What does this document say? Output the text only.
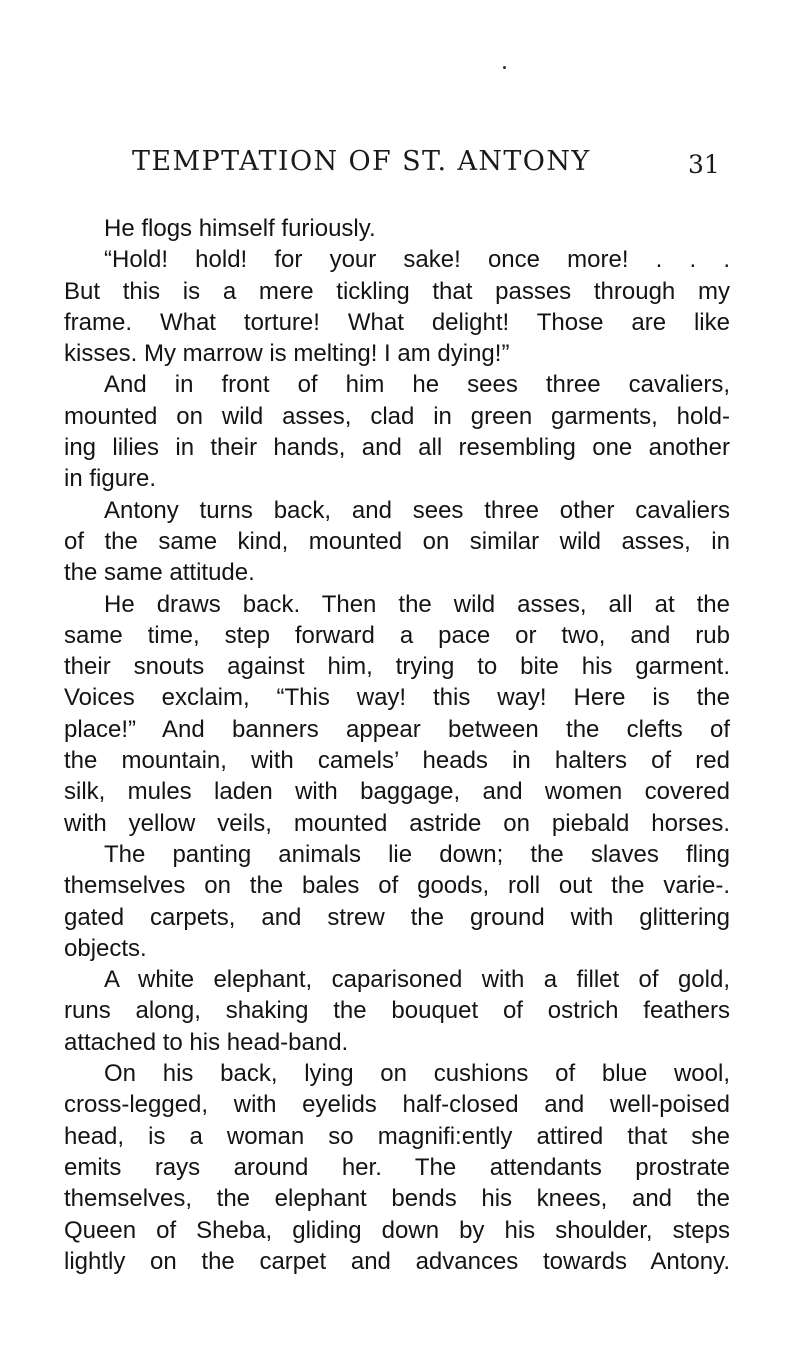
TEMPTATION OF ST. ANTONY	31

He flogs himself furiously.

“Hold! hold! for your sake! once more! . . .
But this is a mere tickling that passes through my
frame. What torture! What delight! Those are like
kisses. My marrow is melting! I am dying!”

And in front of him he sees three cavaliers,
mounted on wild asses, clad in green garments, hold-
ing lilies in their hands, and all resembling one another
in figure.

Antony turns back, and sees three other cavaliers
of the same kind, mounted on similar wild asses, in
the same attitude.

He draws back. Then the wild asses, all at the
same time, step forward a pace or two, and rub
their snouts against him, trying to bite his garment.
Voices exclaim, “This way! this way! Here is the
place!” And banners appear between the clefts of
the mountain, with camels’ heads in halters of red
silk, mules laden with baggage, and women covered
with yellow veils, mounted astride on piebald horses.

The panting animals lie down; the slaves fling
themselves on the bales of goods, roll out the varie-.
gated carpets, and strew the ground with glittering
objects.

A white elephant, caparisoned with a fillet of gold,
runs along, shaking the bouquet of ostrich feathers
attached to his head-band.

On his back, lying on cushions of blue wool,
cross-legged, with eyelids half-closed and well-poised
head, is a woman so magnifi:ently attired that she
emits rays around her. The attendants prostrate
themselves, the elephant bends his knees, and the
Queen of Sheba, gliding down by his shoulder, steps
lightly on the carpet and advances towards Antony.
